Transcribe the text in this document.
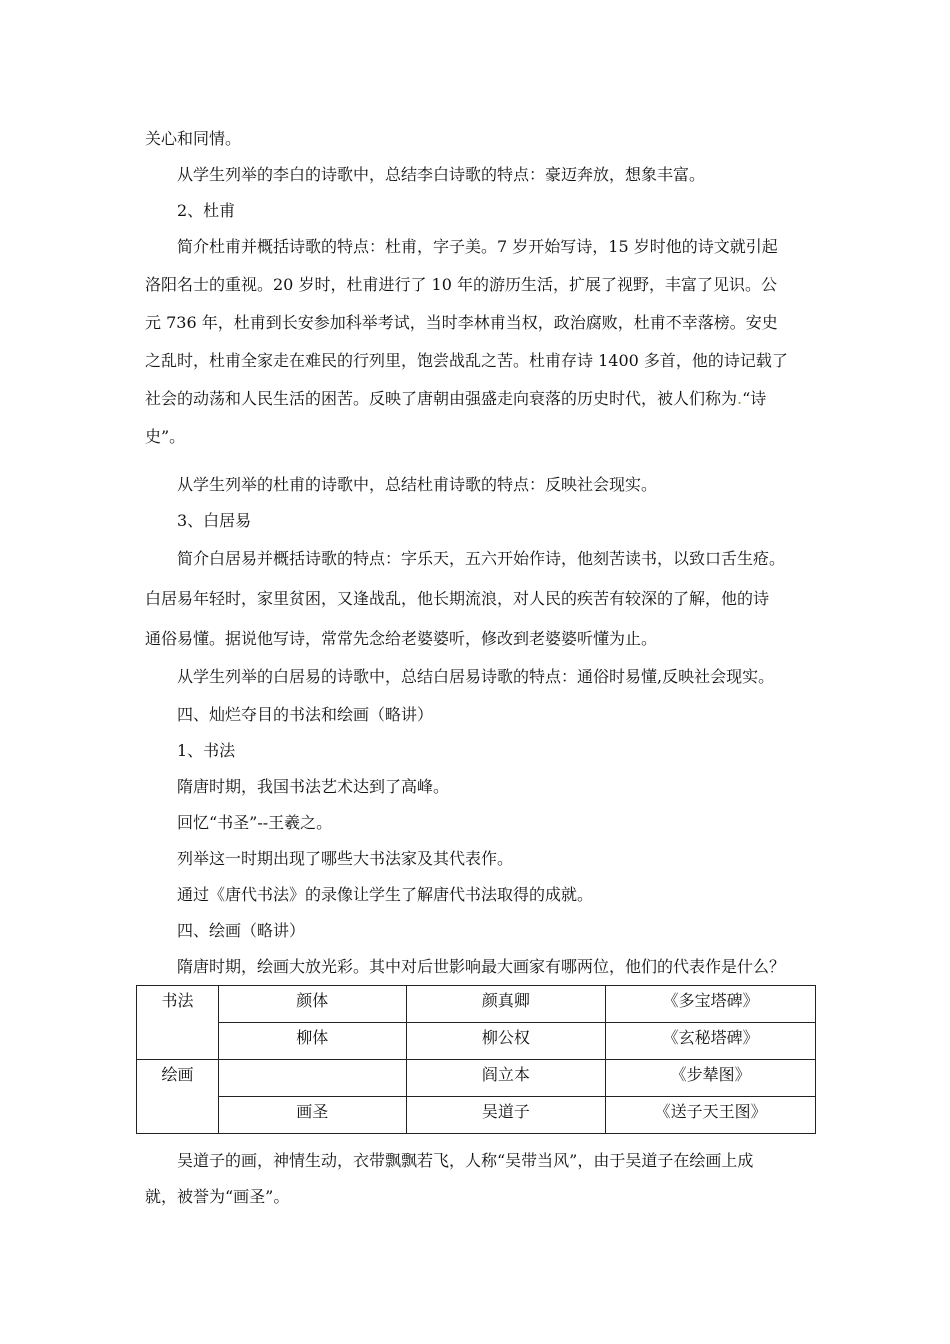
关心和同情。
从学生列举的李白的诗歌中，总结李白诗歌的特点：豪迈奔放，想象丰富。
2、杜甫
简介杜甫并概括诗歌的特点：杜甫，字子美。7 岁开始写诗，15 岁时他的诗文就引起
洛阳名士的重视。20 岁时，杜甫进行了 10 年的游历生活，扩展了视野，丰富了见识。公
元 736 年，杜甫到长安参加科举考试，当时李林甫当权，政治腐败，杜甫不幸落榜。安史
之乱时，杜甫全家走在难民的行列里，饱尝战乱之苦。杜甫存诗 1400 多首，他的诗记载了
社会的动荡和人民生活的困苦。反映了唐朝由强盛走向衰落的历史时代，被人们称为.“诗
史”。
从学生列举的杜甫的诗歌中，总结杜甫诗歌的特点：反映社会现实。
3、白居易
简介白居易并概括诗歌的特点：字乐天，五六开始作诗，他刻苦读书，以致口舌生疮。
白居易年轻时，家里贫困，又逢战乱，他长期流浪，对人民的疾苦有较深的了解，他的诗
通俗易懂。据说他写诗，常常先念给老婆婆听，修改到老婆婆听懂为止。
从学生列举的白居易的诗歌中，总结白居易诗歌的特点：通俗时易懂,反映社会现实。
四、灿烂夺目的书法和绘画（略讲）
1、书法
隋唐时期，我国书法艺术达到了高峰。
回忆“书圣”--王羲之。
列举这一时期出现了哪些大书法家及其代表作。
通过《唐代书法》的录像让学生了解唐代书法取得的成就。
四、绘画（略讲）
隋唐时期，绘画大放光彩。其中对后世影响最大画家有哪两位，他们的代表作是什么？
书法	颜体	颜真卿	《多宝塔碑》
	柳体	柳公权	《玄秘塔碑》
绘画		阎立本	《步辇图》
	画圣	吴道子	《送子天王图》
吴道子的画，神情生动，衣带飘飘若飞，人称“吴带当风”，由于吴道子在绘画上成
就，被誉为“画圣”。
